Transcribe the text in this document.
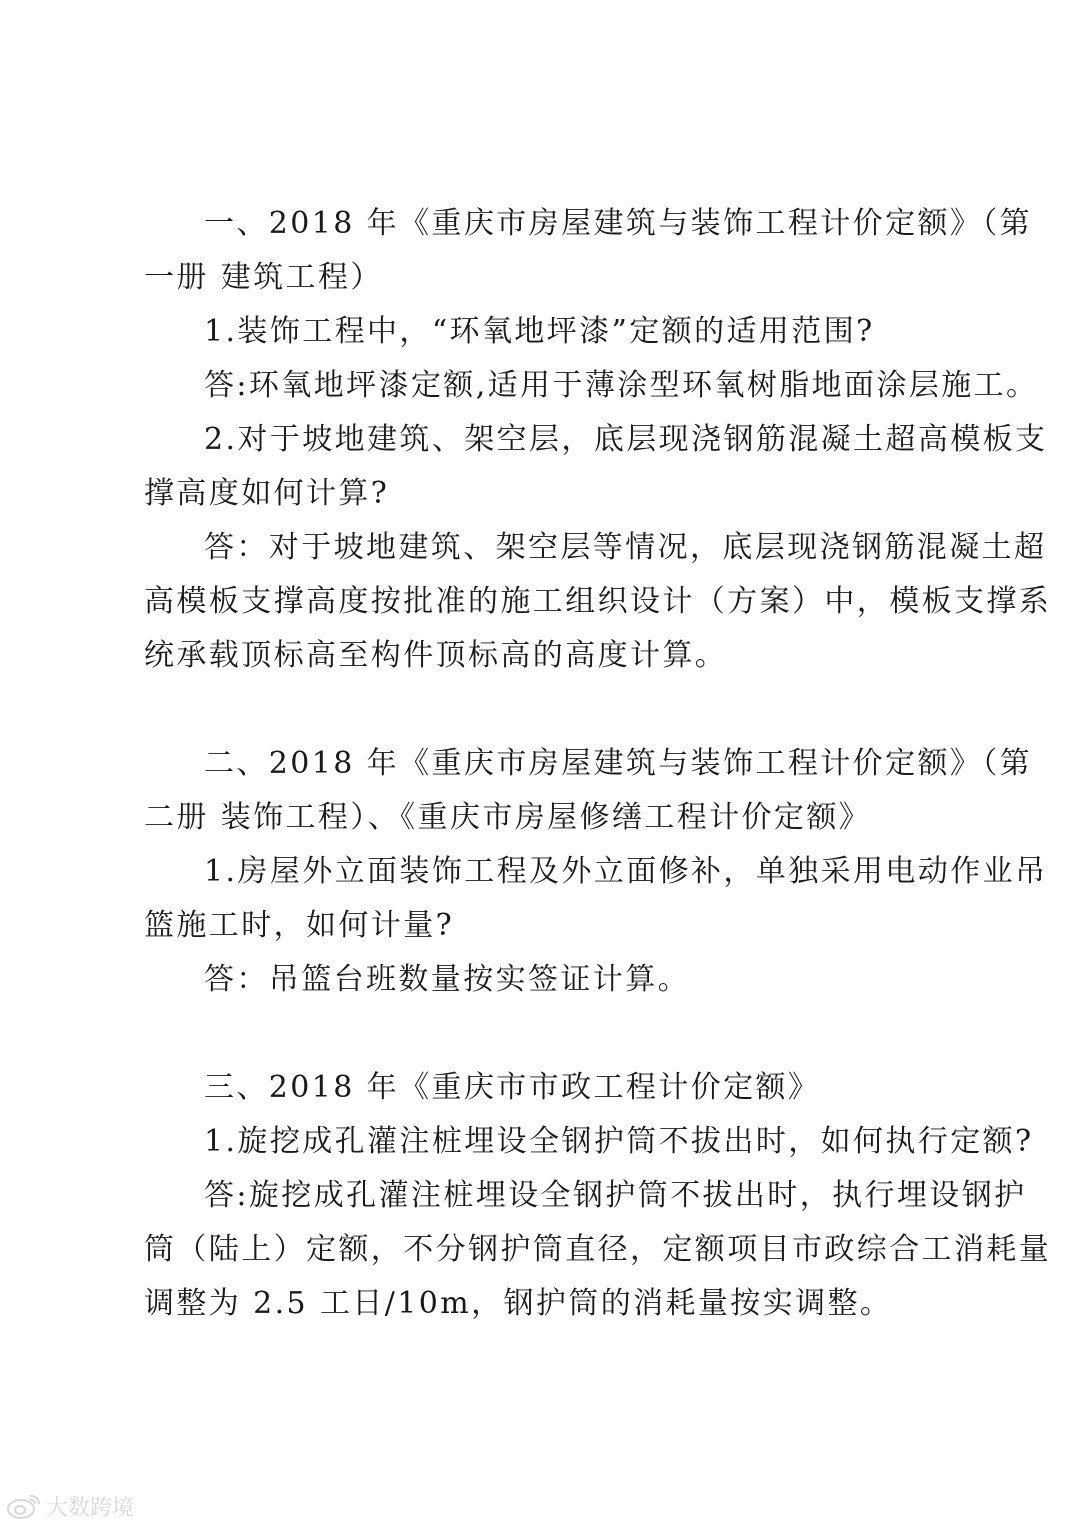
一、2018 年《重庆市房屋建筑与装饰工程计价定额》（第
一册 建筑工程）
1.装饰工程中，“环氧地坪漆”定额的适用范围?
答:环氧地坪漆定额,适用于薄涂型环氧树脂地面涂层施工。
2.对于坡地建筑、架空层，底层现浇钢筋混凝土超高模板支
撑高度如何计算?
答：对于坡地建筑、架空层等情况，底层现浇钢筋混凝土超
高模板支撑高度按批准的施工组织设计（方案）中，模板支撑系
统承载顶标高至构件顶标高的高度计算。
二、2018 年《重庆市房屋建筑与装饰工程计价定额》（第
二册 装饰工程）、《重庆市房屋修缮工程计价定额》
1.房屋外立面装饰工程及外立面修补，单独采用电动作业吊
篮施工时，如何计量?
答：吊篮台班数量按实签证计算。
三、2018 年《重庆市市政工程计价定额》
1.旋挖成孔灌注桩埋设全钢护筒不拔出时，如何执行定额?
答:旋挖成孔灌注桩埋设全钢护筒不拔出时，执行埋设钢护
筒（陆上）定额，不分钢护筒直径，定额项目市政综合工消耗量
调整为 2.5 工日/10m，钢护筒的消耗量按实调整。
大数跨境
